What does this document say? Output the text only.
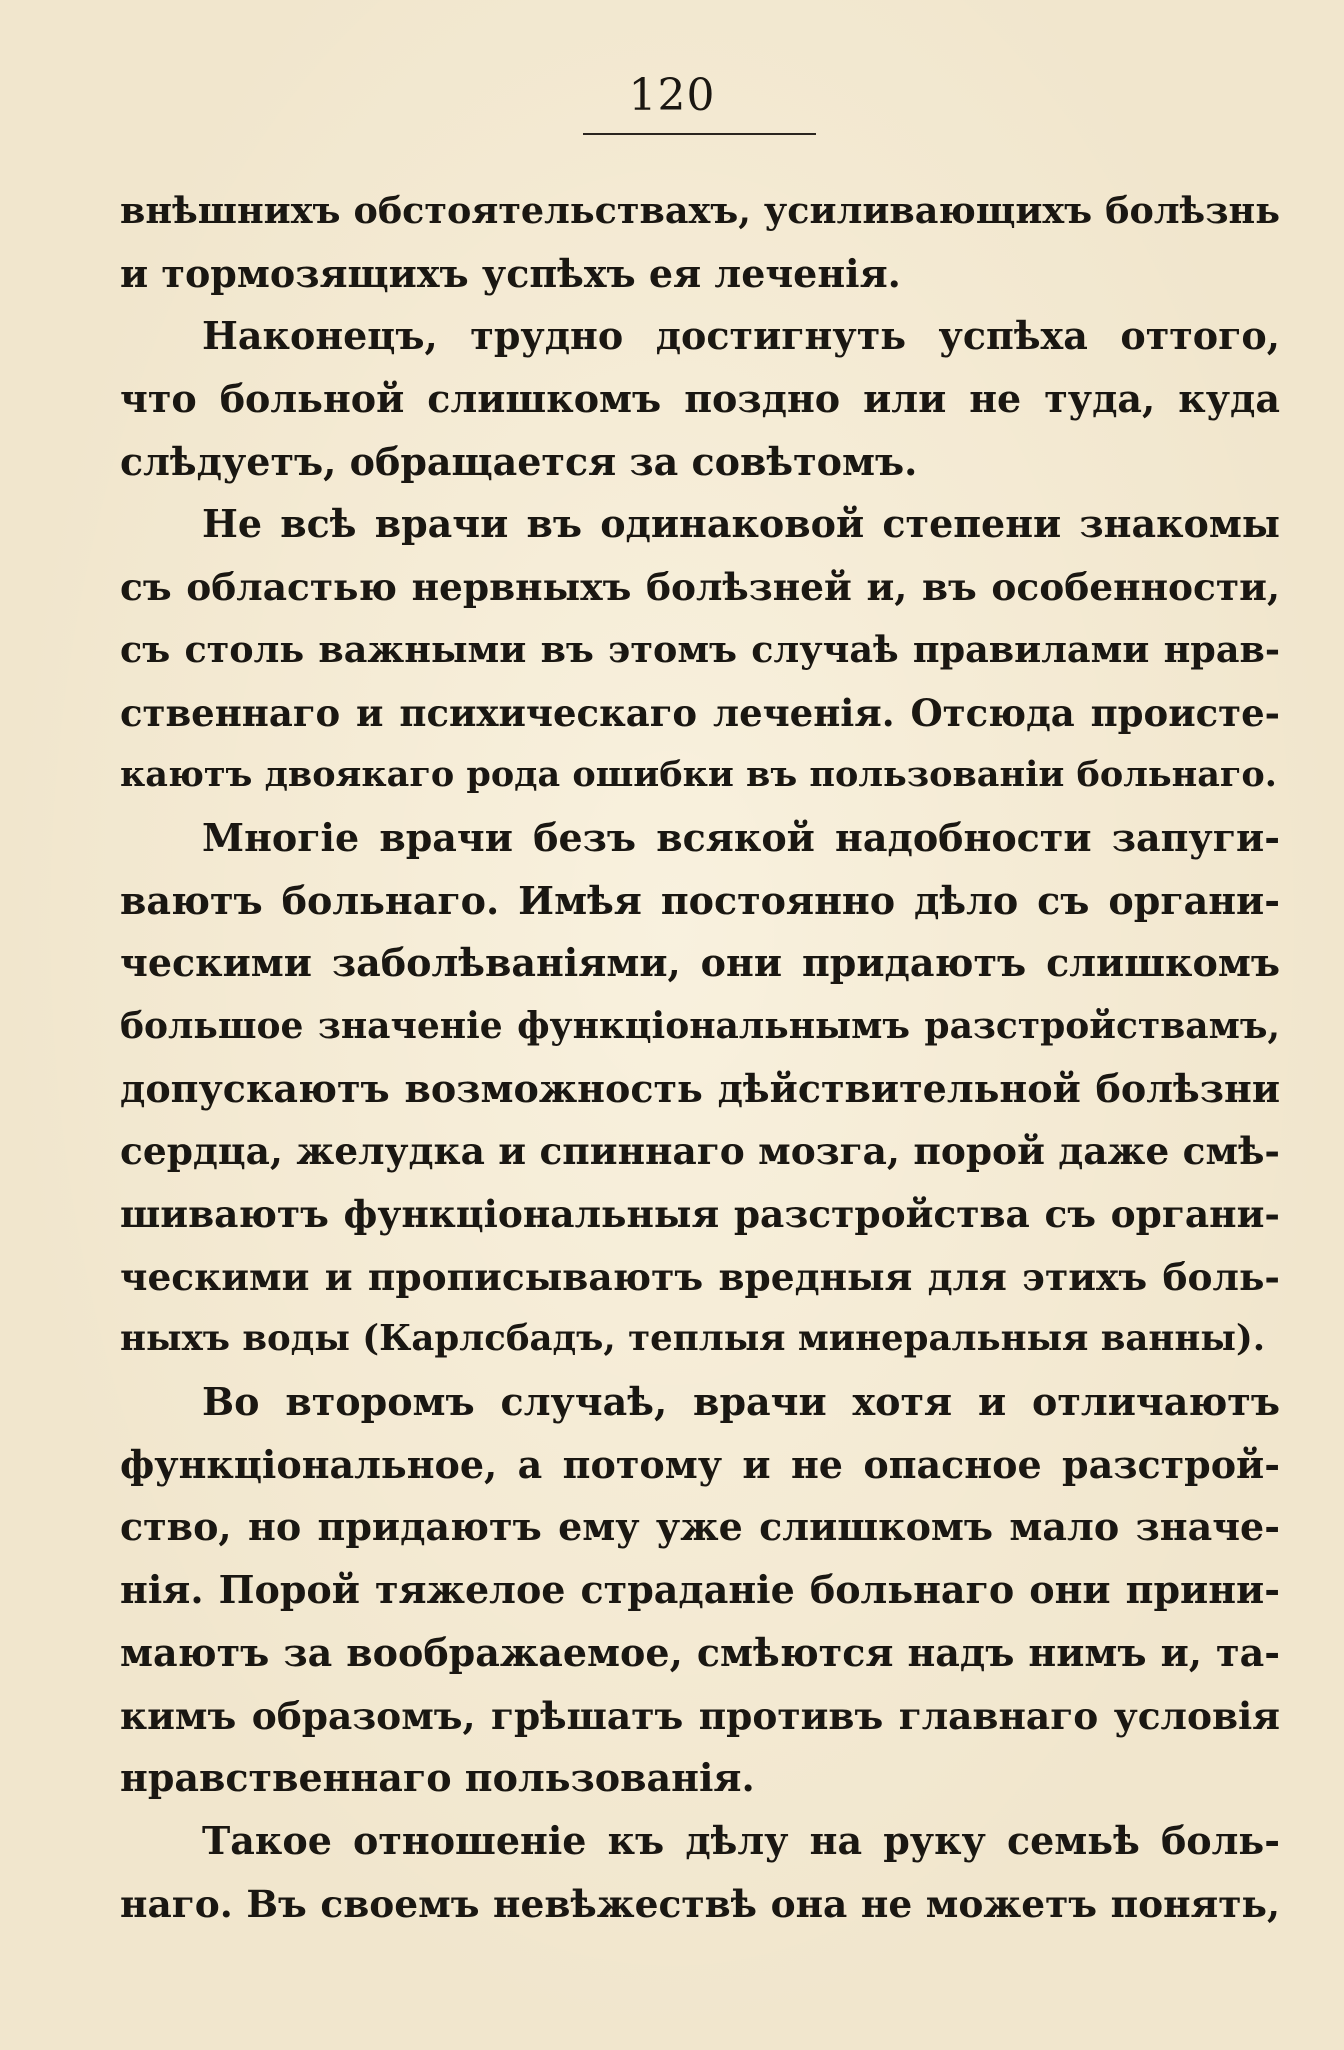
120
внѣшнихъ обстоятельствахъ, усиливающихъ болѣзнь
и тормозящихъ успѣхъ ея леченія.
Наконецъ, трудно достигнуть успѣха оттого,
что больной слишкомъ поздно или не туда, куда
слѣдуетъ, обращается за совѣтомъ.
Не всѣ врачи въ одинаковой степени знакомы
съ областью нервныхъ болѣзней и, въ особенности,
съ столь важными въ этомъ случаѣ правилами нрав-
ственнаго и психическаго леченія. Отсюда проистe-
каютъ двоякаго рода ошибки въ пользованіи больнаго.
Многіе врачи безъ всякой надобности запуги-
ваютъ больнаго. Имѣя постоянно дѣло съ органи-
ческими заболѣваніями, они придаютъ слишкомъ
большое значеніе функціональнымъ разстройствамъ,
допускаютъ возможность дѣйствительной болѣзни
сердца, желудка и спиннаго мозга, порой даже смѣ-
шиваютъ функціональныя разстройства съ органи-
ческими и прописываютъ вредныя для этихъ боль-
ныхъ воды (Карлсбадъ, теплыя минеральныя ванны).
Во второмъ случаѣ, врачи хотя и отличаютъ
функціональное, а потому и не опасное разстрой-
ство, но придаютъ ему уже слишкомъ мало значе-
нія. Порой тяжелое страданіе больнаго они прини-
маютъ за воображаемое, смѣются надъ нимъ и, та-
кимъ образомъ, грѣшатъ противъ главнаго условія
нравственнаго пользованія.
Такое отношеніе къ дѣлу на руку семьѣ боль-
наго. Въ своемъ невѣжествѣ она не можетъ понять,
